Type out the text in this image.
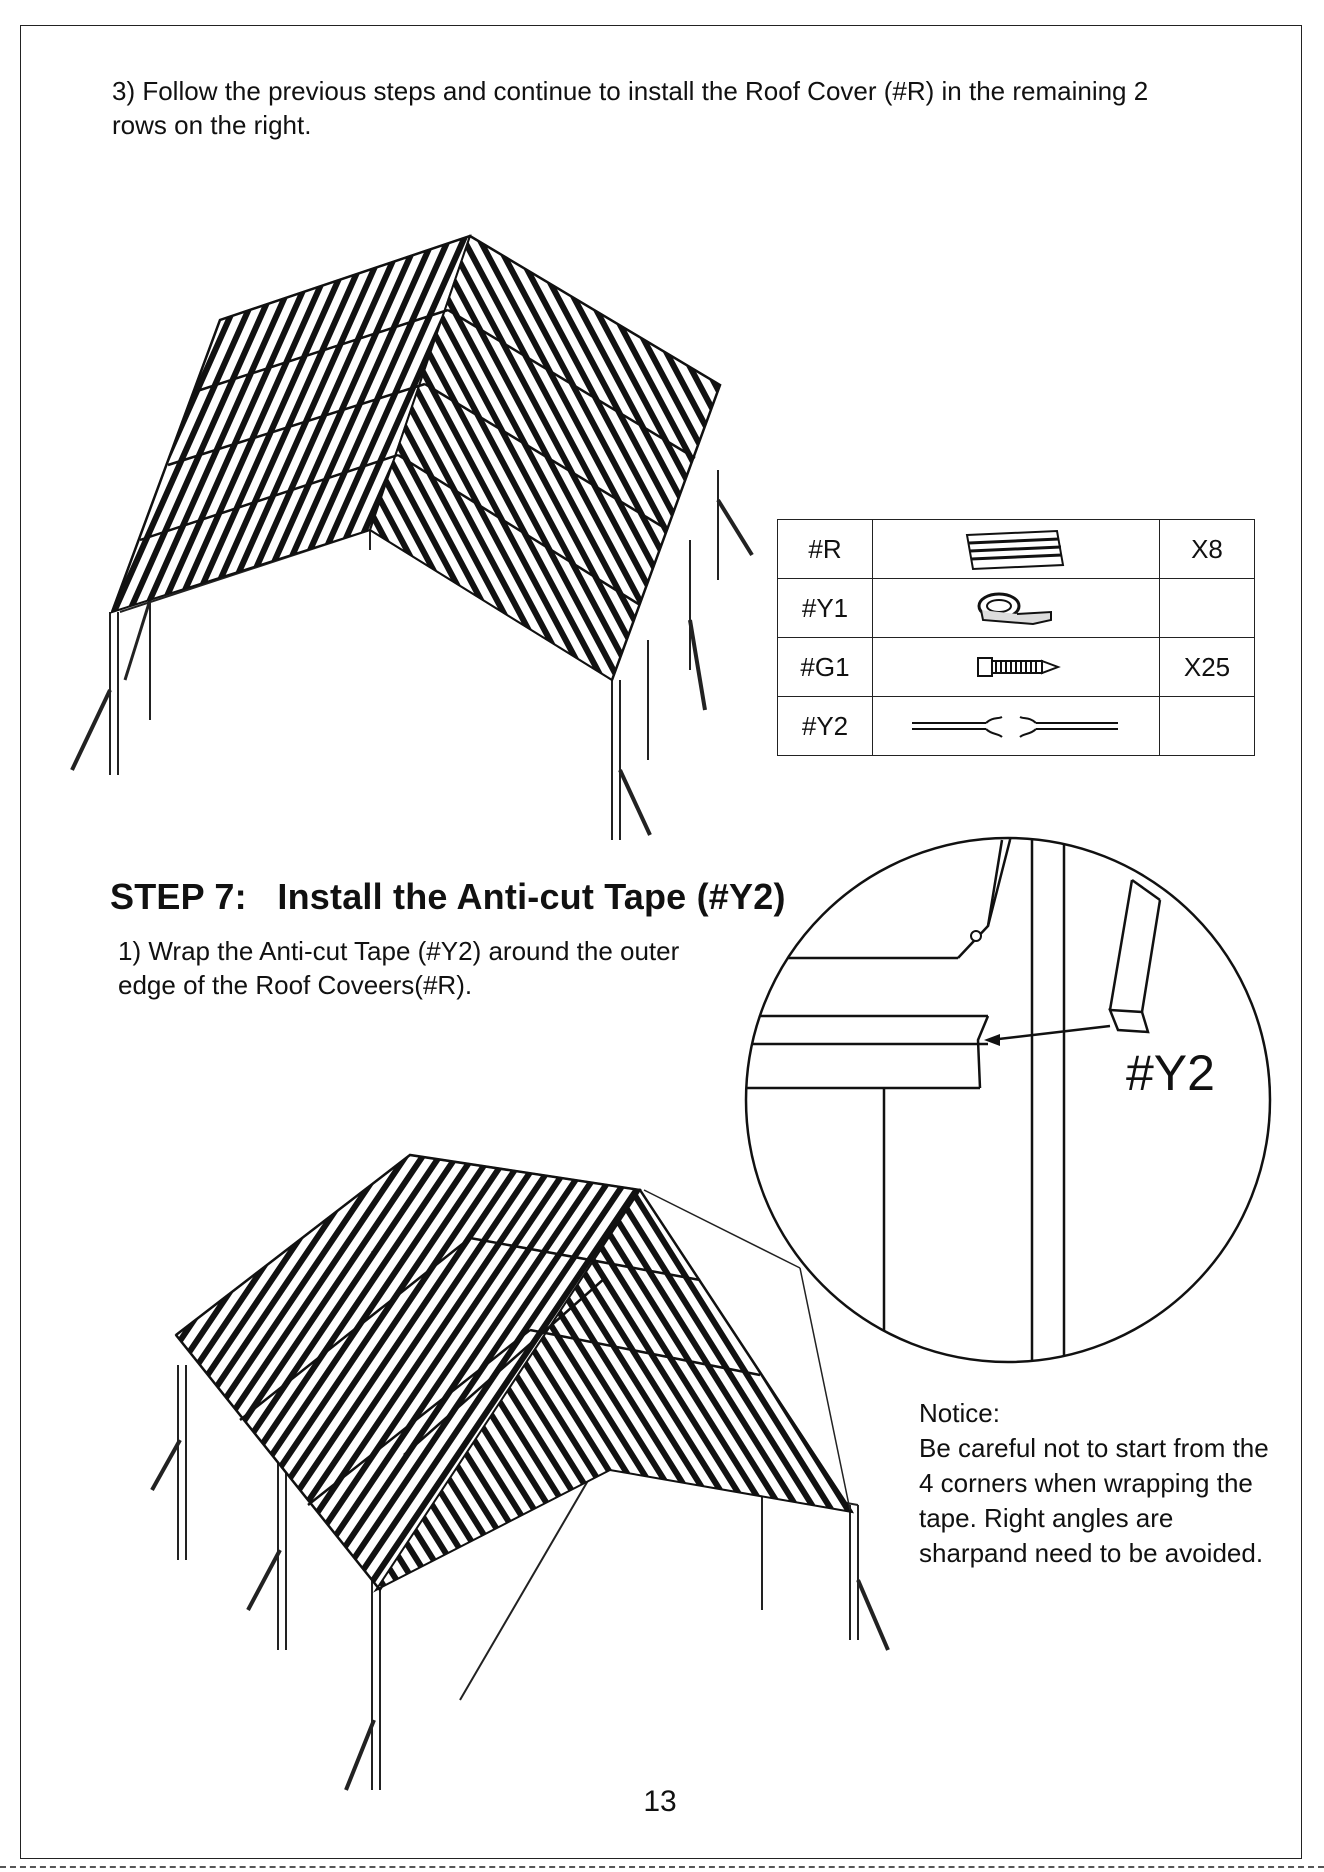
3) Follow the previous steps and continue to install the Roof Cover (#R) in the remaining 2 rows on the right.
#R		X8
#Y1	

#G1		X25
#Y2	

STEP 7:   Install the Anti-cut Tape (#Y2)
1) Wrap the Anti-cut Tape (#Y2) around the outer edge of the Roof Coveers(#R).
#Y2
Notice:
Be careful not to start from the 4 corners when wrapping the tape. Right angles are sharpand need to be avoided.
13
